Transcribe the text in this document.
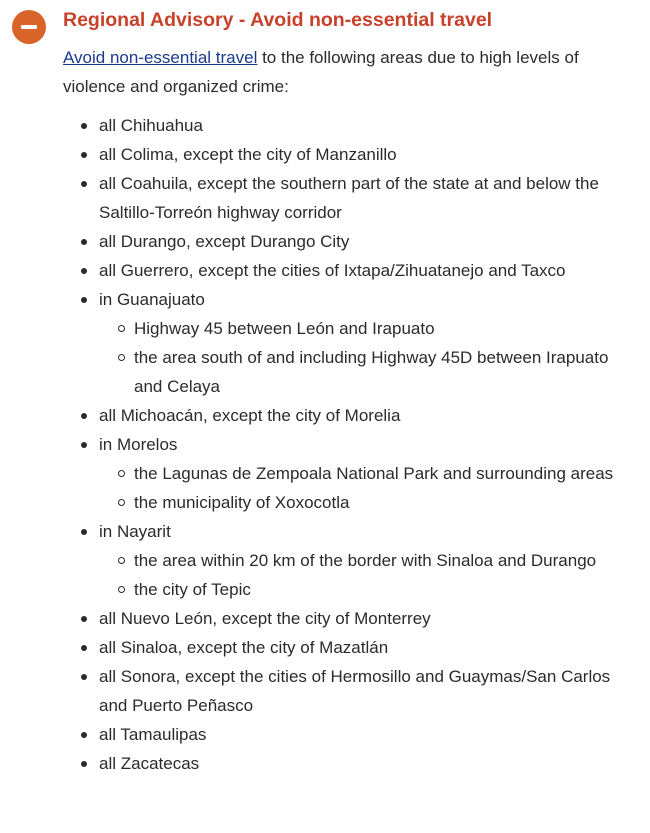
Regional Advisory - Avoid non-essential travel

Avoid non-essential travel to the following areas due to high levels of violence and organized crime:

all Chihuahua
all Colima, except the city of Manzanillo
all Coahuila, except the southern part of the state at and below the Saltillo-Torreón highway corridor
all Durango, except Durango City
all Guerrero, except the cities of Ixtapa/Zihuatanejo and Taxco
in Guanajuato
Highway 45 between León and Irapuato
the area south of and including Highway 45D between Irapuato and Celaya
all Michoacán, except the city of Morelia
in Morelos
the Lagunas de Zempoala National Park and surrounding areas
the municipality of Xoxocotla
in Nayarit
the area within 20 km of the border with Sinaloa and Durango
the city of Tepic
all Nuevo León, except the city of Monterrey
all Sinaloa, except the city of Mazatlán
all Sonora, except the cities of Hermosillo and Guaymas/San Carlos and Puerto Peñasco
all Tamaulipas
all Zacatecas
